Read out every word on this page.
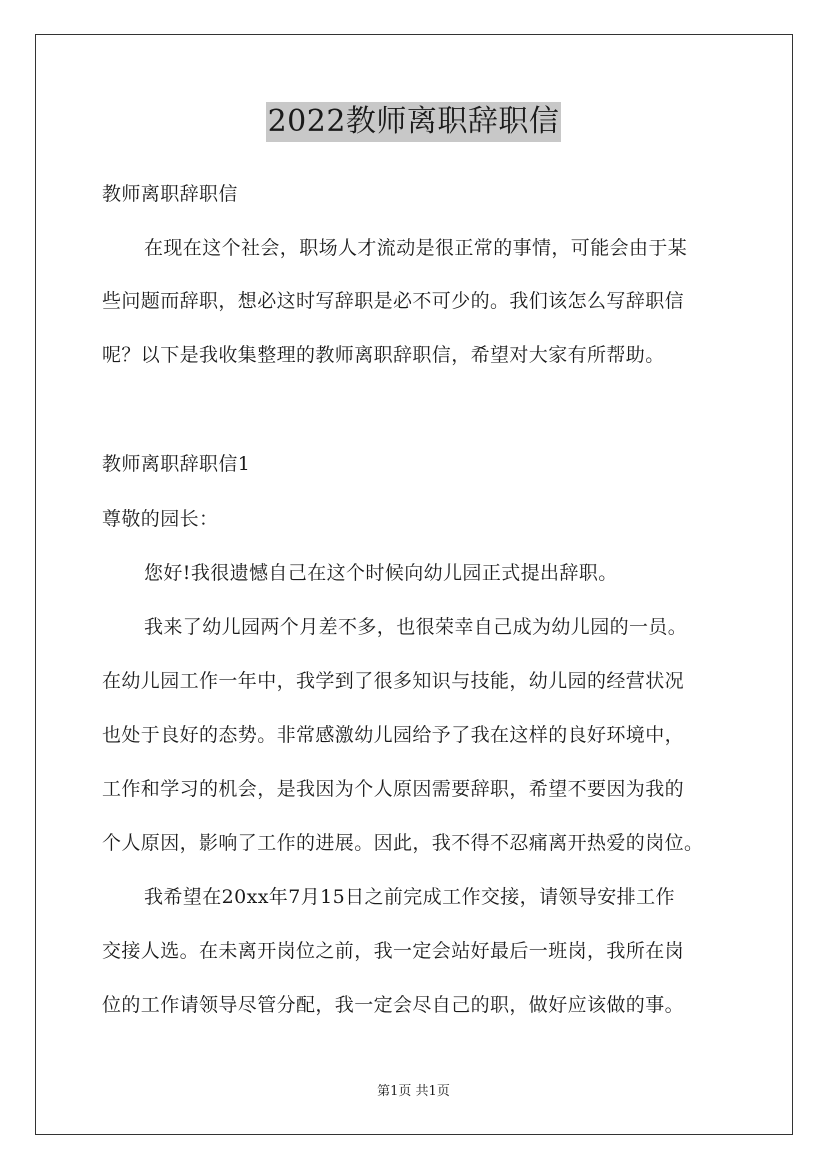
2022教师离职辞职信
教师离职辞职信
在现在这个社会，职场人才流动是很正常的事情，可能会由于某
些问题而辞职，想必这时写辞职是必不可少的。我们该怎么写辞职信
呢？以下是我收集整理的教师离职辞职信，希望对大家有所帮助。
教师离职辞职信1
尊敬的园长：
您好!我很遗憾自己在这个时候向幼儿园正式提出辞职。
我来了幼儿园两个月差不多，也很荣幸自己成为幼儿园的一员。
在幼儿园工作一年中，我学到了很多知识与技能，幼儿园的经营状况
也处于良好的态势。非常感激幼儿园给予了我在这样的良好环境中，
工作和学习的机会，是我因为个人原因需要辞职，希望不要因为我的
个人原因，影响了工作的进展。因此，我不得不忍痛离开热爱的岗位。
我希望在20xx年7月15日之前完成工作交接，请领导安排工作
交接人选。在未离开岗位之前，我一定会站好最后一班岗，我所在岗
位的工作请领导尽管分配，我一定会尽自己的职，做好应该做的事。
第1页 共1页
